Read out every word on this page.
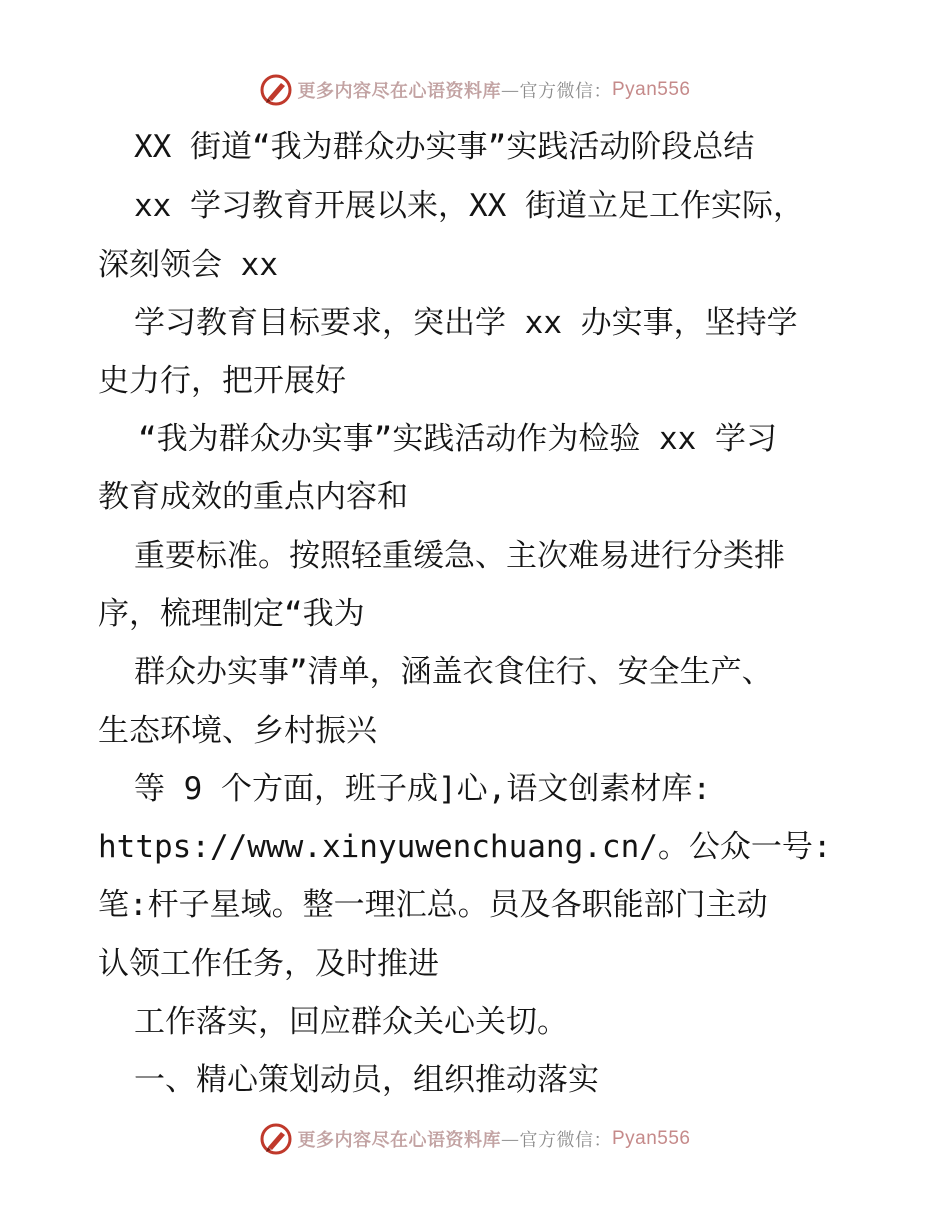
更多内容尽在心语资料库 — 官方微信： Pyan556
XX 街道“我为群众办实事”实践活动阶段总结
xx 学习教育开展以来，XX 街道立足工作实际，
深刻领会 xx
学习教育目标要求，突出学 xx 办实事，坚持学
史力行，把开展好
“我为群众办实事”实践活动作为检验 xx 学习
教育成效的重点内容和
重要标准。按照轻重缓急、主次难易进行分类排
序，梳理制定“我为
群众办实事”清单，涵盖衣食住行、安全生产、
生态环境、乡村振兴
等 9 个方面，班子成]心,语文创素材库:
https://www.xinyuwenchuang.cn/。公众一号:
笔:杆子星域。整一理汇总。员及各职能部门主动
认领工作任务，及时推进
工作落实，回应群众关心关切。
一、精心策划动员，组织推动落实
更多内容尽在心语资料库 — 官方微信： Pyan556
